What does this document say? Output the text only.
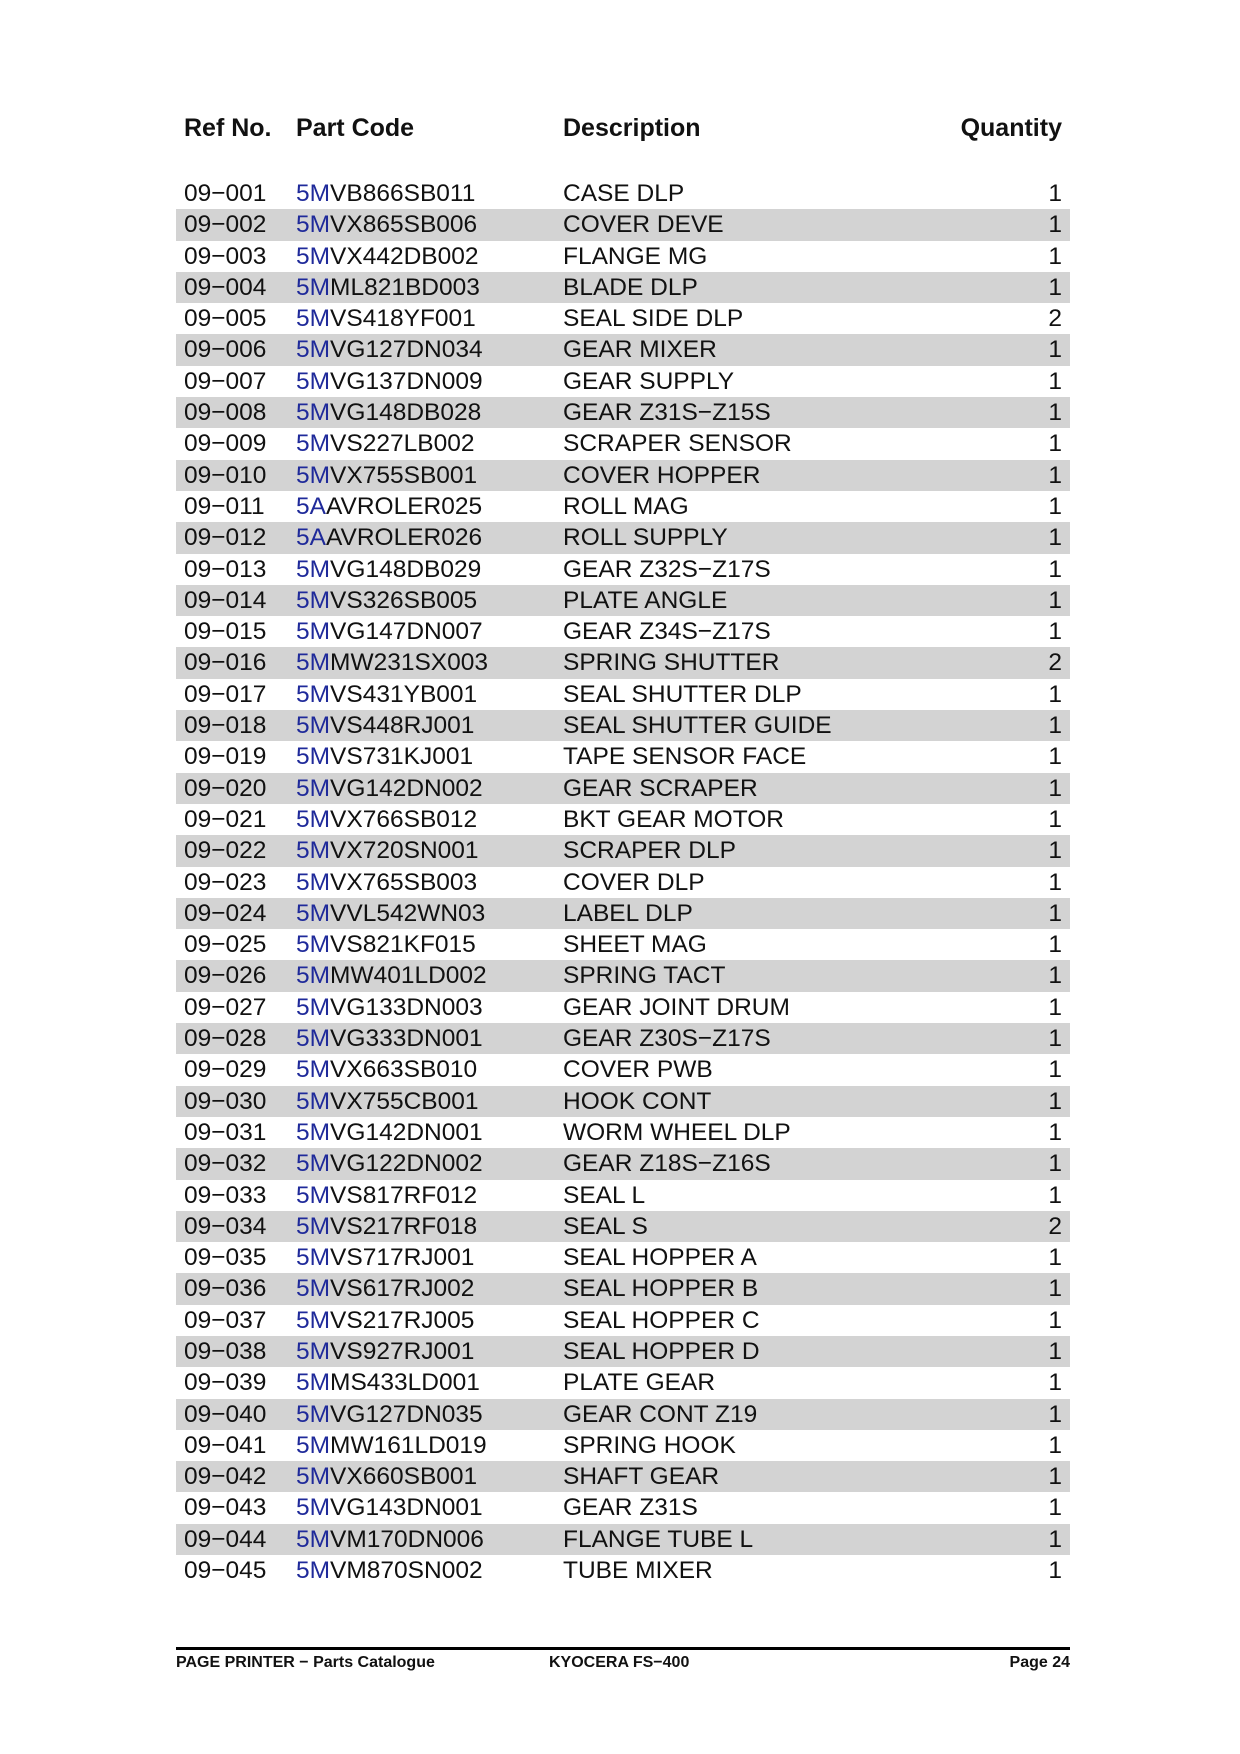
Ref No. Part Code	Description	Quantity
09−001 5MVB866SB011	CASE DLP	1
09−002 5MVX865SB006	COVER DEVE	1
09−003 5MVX442DB002	FLANGE MG	1
09−004 5MML821BD003	BLADE DLP	1
09−005 5MVS418YF001	SEAL SIDE DLP	2
09−006 5MVG127DN034	GEAR MIXER	1
09−007 5MVG137DN009	GEAR SUPPLY	1
09−008 5MVG148DB028	GEAR Z31S−Z15S	1
09−009 5MVS227LB002	SCRAPER SENSOR	1
09−010 5MVX755SB001	COVER HOPPER	1
09−011 5AAVROLER025	ROLL MAG	1
09−012 5AAVROLER026	ROLL SUPPLY	1
09−013 5MVG148DB029	GEAR Z32S−Z17S	1
09−014 5MVS326SB005	PLATE ANGLE	1
09−015 5MVG147DN007	GEAR Z34S−Z17S	1
09−016 5MMW231SX003	SPRING SHUTTER	2
09−017 5MVS431YB001	SEAL SHUTTER DLP	1
09−018 5MVS448RJ001	SEAL SHUTTER GUIDE	1
09−019 5MVS731KJ001	TAPE SENSOR FACE	1
09−020 5MVG142DN002	GEAR SCRAPER	1
09−021 5MVX766SB012	BKT GEAR MOTOR	1
09−022 5MVX720SN001	SCRAPER DLP	1
09−023 5MVX765SB003	COVER DLP	1
09−024 5MVVL542WN03	LABEL DLP	1
09−025 5MVS821KF015	SHEET MAG	1
09−026 5MMW401LD002	SPRING TACT	1
09−027 5MVG133DN003	GEAR JOINT DRUM	1
09−028 5MVG333DN001	GEAR Z30S−Z17S	1
09−029 5MVX663SB010	COVER PWB	1
09−030 5MVX755CB001	HOOK CONT	1
09−031 5MVG142DN001	WORM WHEEL DLP	1
09−032 5MVG122DN002	GEAR Z18S−Z16S	1
09−033 5MVS817RF012	SEAL L	1
09−034 5MVS217RF018	SEAL S	2
09−035 5MVS717RJ001	SEAL HOPPER A	1
09−036 5MVS617RJ002	SEAL HOPPER B	1
09−037 5MVS217RJ005	SEAL HOPPER C	1
09−038 5MVS927RJ001	SEAL HOPPER D	1
09−039 5MMS433LD001	PLATE GEAR	1
09−040 5MVG127DN035	GEAR CONT Z19	1
09−041 5MMW161LD019	SPRING HOOK	1
09−042 5MVX660SB001	SHAFT GEAR	1
09−043 5MVG143DN001	GEAR Z31S	1
09−044 5MVM170DN006	FLANGE TUBE L	1
09−045 5MVM870SN002	TUBE MIXER	1
PAGE PRINTER − Parts Catalogue	KYOCERA FS−400	Page 24
